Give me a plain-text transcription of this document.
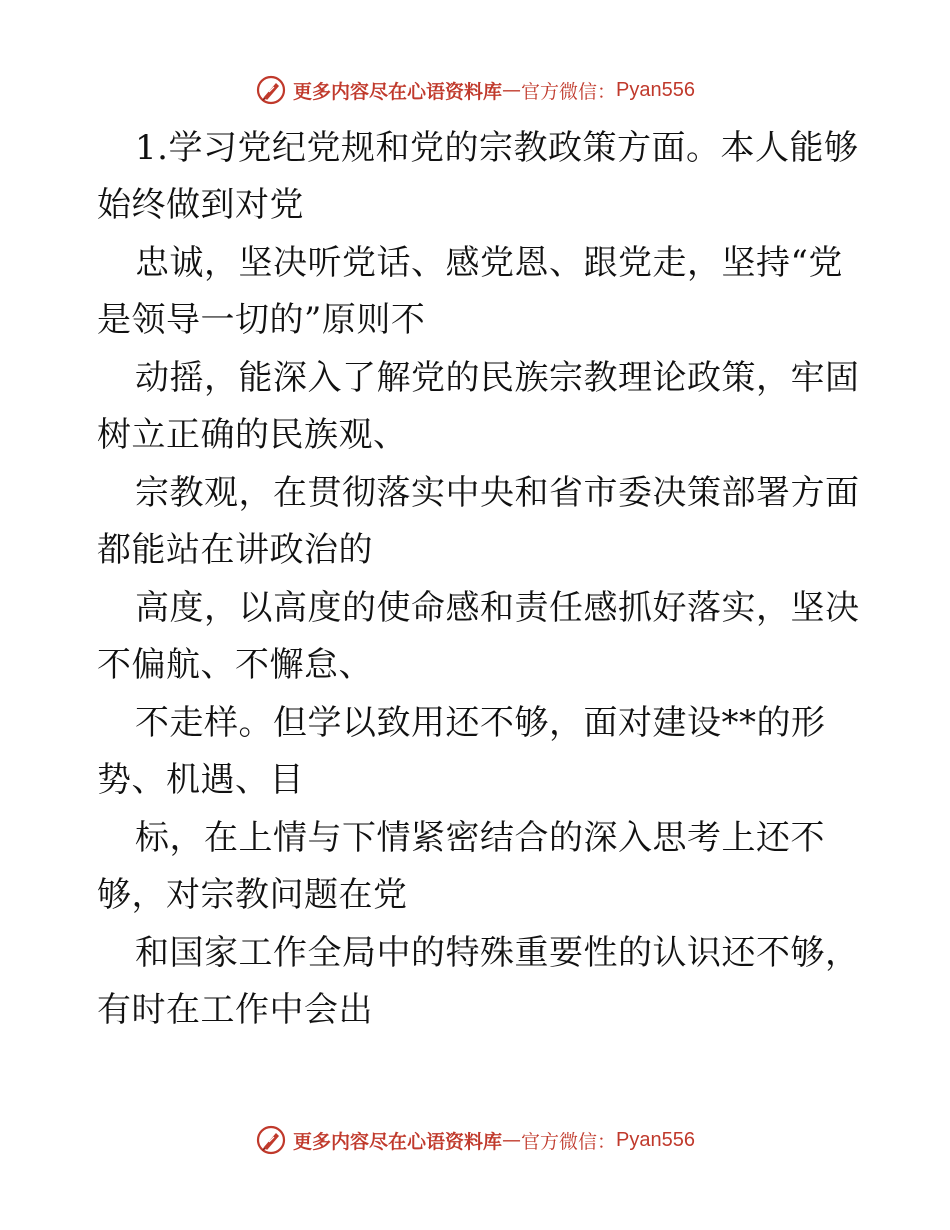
更多内容尽在心语资料库 — 官方微信： Pyan556
1.学习党纪党规和党的宗教政策方面。本人能够
始终做到对党
忠诚，坚决听党话、感党恩、跟党走，坚持“党
是领导一切的”原则不
动摇，能深入了解党的民族宗教理论政策，牢固
树立正确的民族观、
宗教观，在贯彻落实中央和省市委决策部署方面
都能站在讲政治的
高度，以高度的使命感和责任感抓好落实，坚决
不偏航、不懈怠、
不走样。但学以致用还不够，面对建设**的形
势、机遇、目
标，在上情与下情紧密结合的深入思考上还不
够，对宗教问题在党
和国家工作全局中的特殊重要性的认识还不够，
有时在工作中会出
更多内容尽在心语资料库 — 官方微信： Pyan556
